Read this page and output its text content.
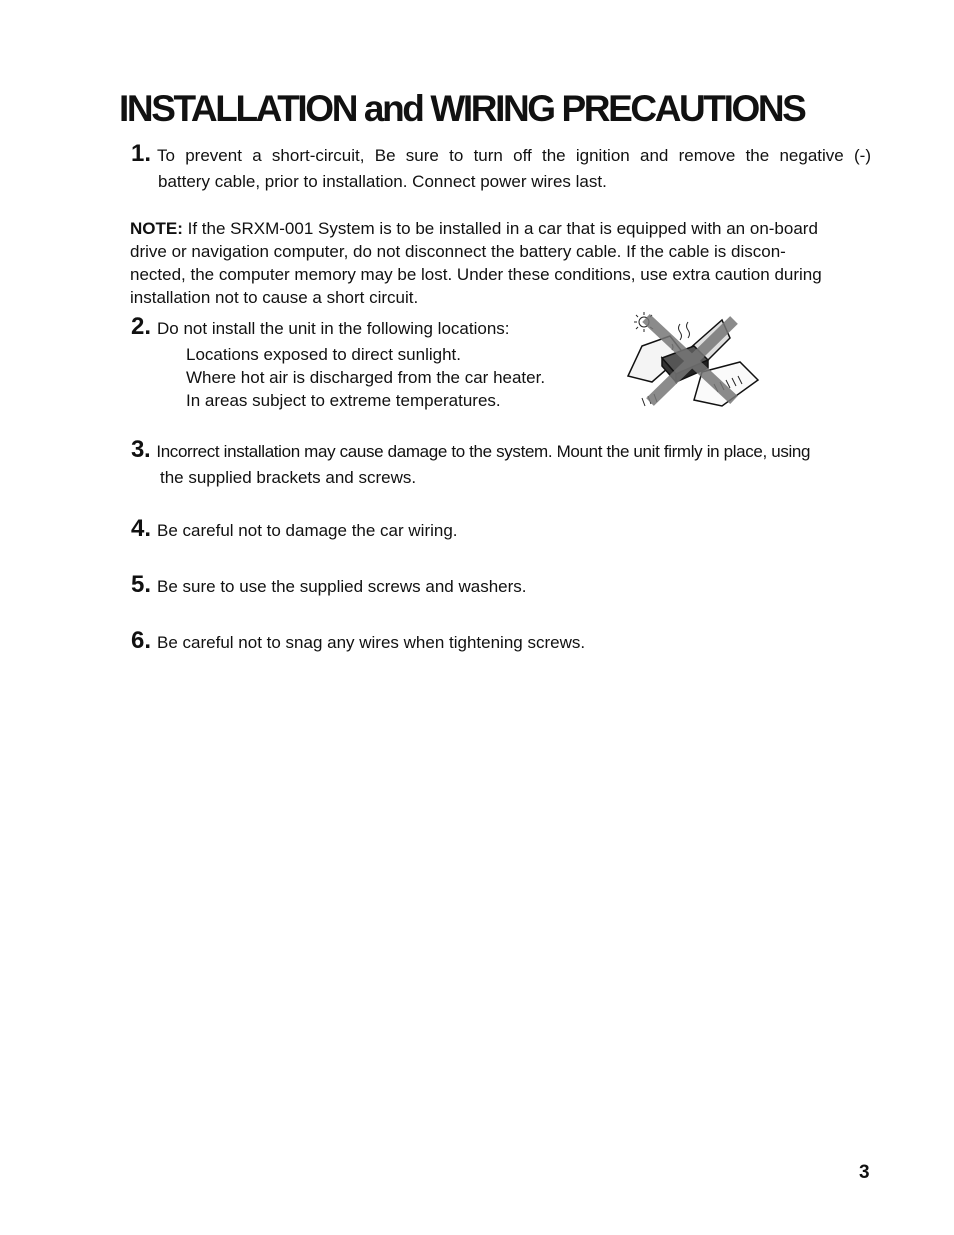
INSTALLATION and WIRING PRECAUTIONS
1. To prevent a short-circuit, Be sure to turn off the ignition and remove the negative (-)
battery cable, prior to installation. Connect power wires last.
NOTE: If the SRXM-001 System is to be installed in a car that is equipped with an on-board
drive or navigation computer, do not disconnect the battery cable. If the cable is discon-
nected, the computer memory may be lost. Under these conditions, use extra caution during
installation not to cause a short circuit.
2. Do not install the unit in the following locations:
Locations exposed to direct sunlight.
Where hot air is discharged from the car heater.
In areas subject to extreme temperatures.
3. Incorrect installation may cause damage to the system. Mount the unit firmly in place, using
the supplied brackets and screws.
4. Be careful not to damage the car wiring.
5. Be sure to use the supplied screws and washers.
6. Be careful not to snag any wires when tightening screws.
3
